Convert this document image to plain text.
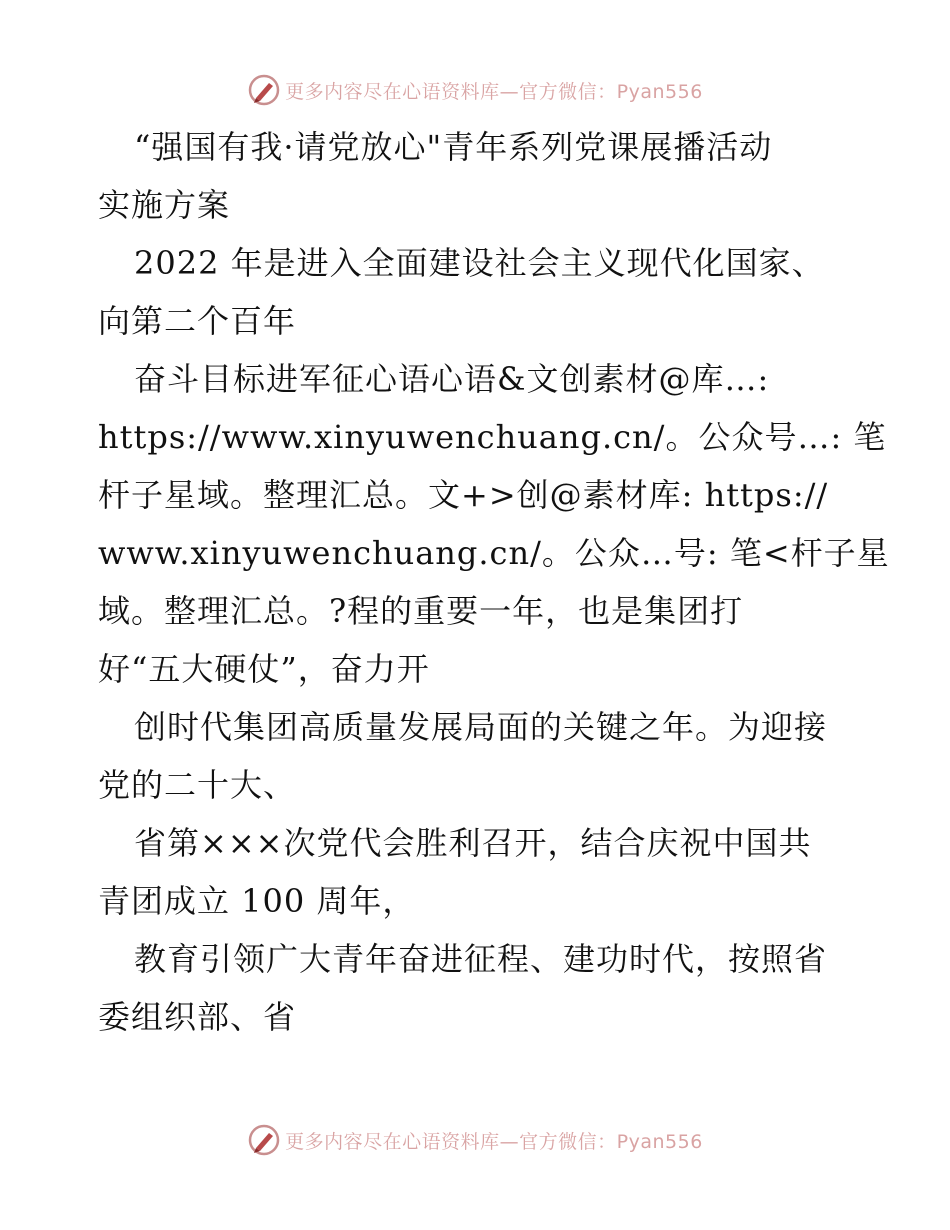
更多内容尽在心语资料库—官方微信：Pyan556
“强国有我·请党放心"青年系列党课展播活动
实施方案
2022 年是进入全面建设社会主义现代化国家、
向第二个百年
奋斗目标进军征心语心语&文创素材@库…:
https://www.xinyuwenchuang.cn/。公众号…: 笔
杆子星域。整理汇总。文+>创@素材库: https://
www.xinyuwenchuang.cn/。公众…号: 笔<杆子星
域。整理汇总。?程的重要一年，也是集团打
好“五大硬仗”，奋力开
创时代集团高质量发展局面的关键之年。为迎接
党的二十大、
省第×××次党代会胜利召开，结合庆祝中国共
青团成立 100 周年，
教育引领广大青年奋进征程、建功时代，按照省
委组织部、省
更多内容尽在心语资料库—官方微信：Pyan556
